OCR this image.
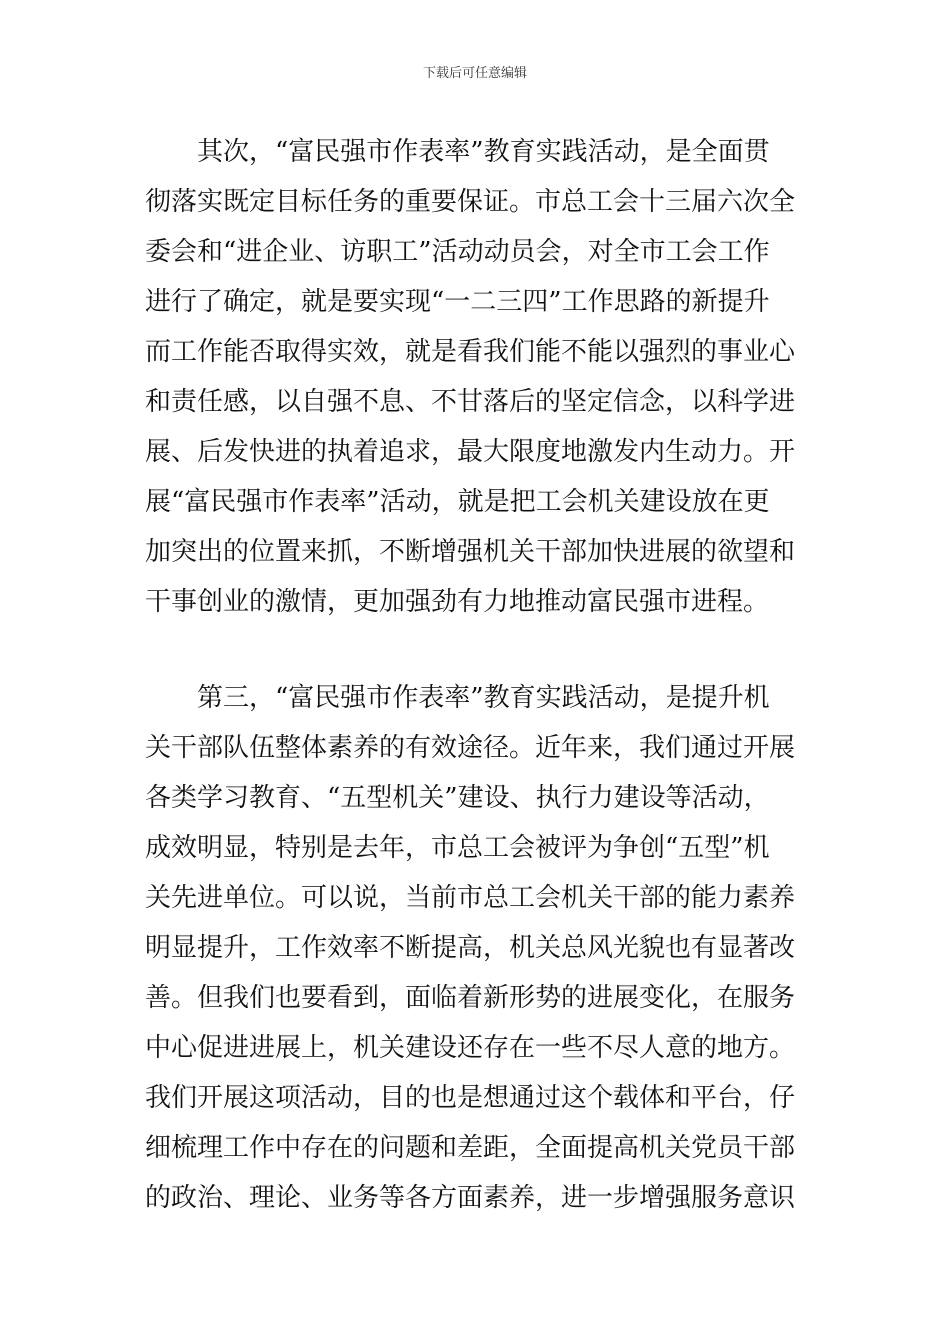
下载后可任意编辑
其次，“富民强市作表率”教育实践活动，是全面贯
彻落实既定目标任务的重要保证。市总工会十三届六次全
委会和“进企业、访职工”活动动员会，对全市工会工作
进行了确定，就是要实现“一二三四”工作思路的新提升
而工作能否取得实效，就是看我们能不能以强烈的事业心
和责任感，以自强不息、不甘落后的坚定信念，以科学进
展、后发快进的执着追求，最大限度地激发内生动力。开
展“富民强市作表率”活动，就是把工会机关建设放在更
加突出的位置来抓，不断增强机关干部加快进展的欲望和
干事创业的激情，更加强劲有力地推动富民强市进程。
第三，“富民强市作表率”教育实践活动，是提升机
关干部队伍整体素养的有效途径。近年来，我们通过开展
各类学习教育、“五型机关”建设、执行力建设等活动，
成效明显，特别是去年，市总工会被评为争创“五型”机
关先进单位。可以说，当前市总工会机关干部的能力素养
明显提升，工作效率不断提高，机关总风光貌也有显著改
善。但我们也要看到，面临着新形势的进展变化，在服务
中心促进进展上，机关建设还存在一些不尽人意的地方。
我们开展这项活动，目的也是想通过这个载体和平台，仔
细梳理工作中存在的问题和差距，全面提高机关党员干部
的政治、理论、业务等各方面素养，进一步增强服务意识
